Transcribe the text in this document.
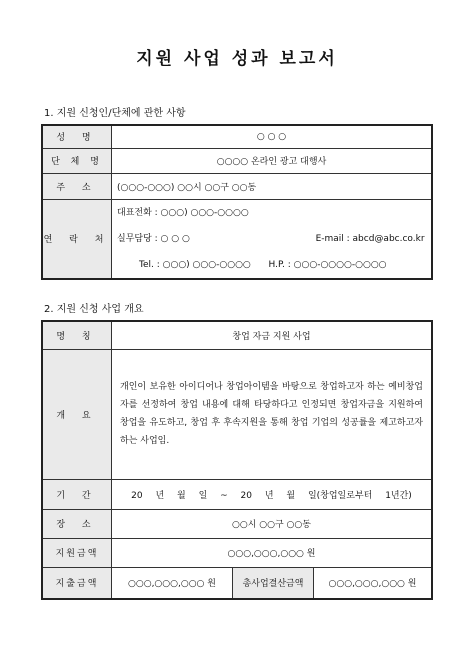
지원 사업 성과 보고서
1. 지원 신청인/단체에 관한 사항
성 명	○ ○ ○
단 체 명	○○○○ 온라인 광고 대행사
주 소	(○○○-○○○) ○○시 ○○구 ○○동
연 락 처	대표전화 : ○○○) ○○○-○○○○
실무담당 : ○ ○ ○ E-mail : abcd@abc.co.kr
Tel. : ○○○) ○○○-○○○○ H.P. : ○○○-○○○○-○○○○
2. 지원 신청 사업 개요
명 칭	창업 자금 지원 사업		
개 요	개인이 보유한 아이디어나 창업아이템을 바탕으로 창업하고자 하는 예비창업자를 선정하여 창업 내용에 대해 타당하다고 인정되면 창업자금을 지원하여 창업을 유도하고, 창업 후 후속지원을 통해 창업 기업의 성공률을 제고하고자 하는 사업임.		
기 간	20 년 월 일 ~ 20 년 월 일(창업일로부터 1년간)		
장 소	○○시 ○○구 ○○동		
지원금액	○○○,○○○,○○○ 원		
지출금액	○○○,○○○,○○○ 원	총사업결산금액	○○○,○○○,○○○ 원
